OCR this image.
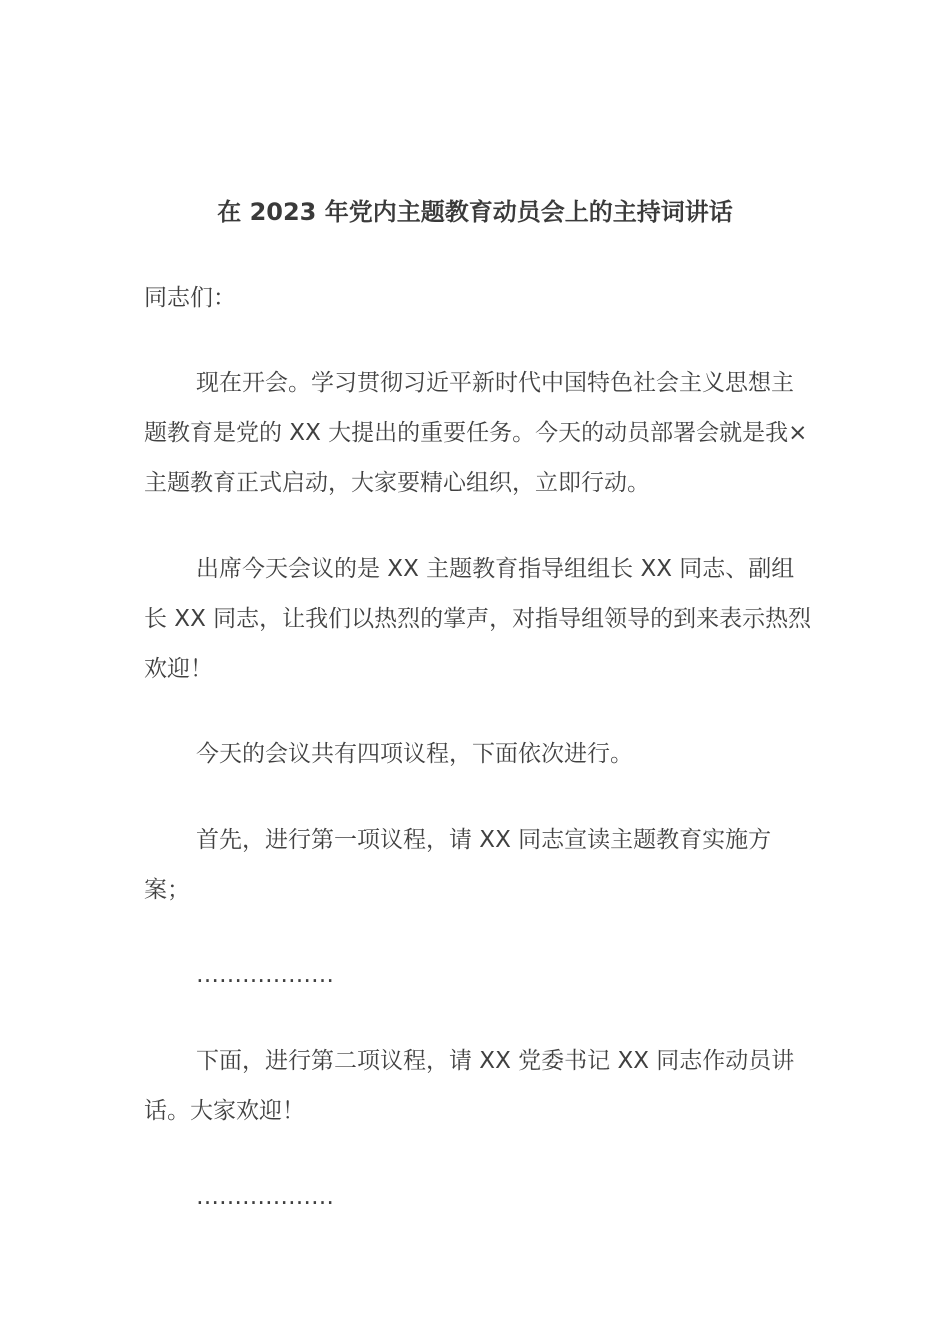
在 2023 年党内主题教育动员会上的主持词讲话

同志们：

现在开会。学习贯彻习近平新时代中国特色社会主义思想主题教育是党的 XX 大提出的重要任务。今天的动员部署会就是我×主题教育正式启动，大家要精心组织，立即行动。

出席今天会议的是 XX 主题教育指导组组长 XX 同志、副组长 XX 同志，让我们以热烈的掌声，对指导组领导的到来表示热烈欢迎！

今天的会议共有四项议程，下面依次进行。

首先，进行第一项议程，请 XX 同志宣读主题教育实施方案；

………………

下面，进行第二项议程，请 XX 党委书记 XX 同志作动员讲话。大家欢迎！

………………
